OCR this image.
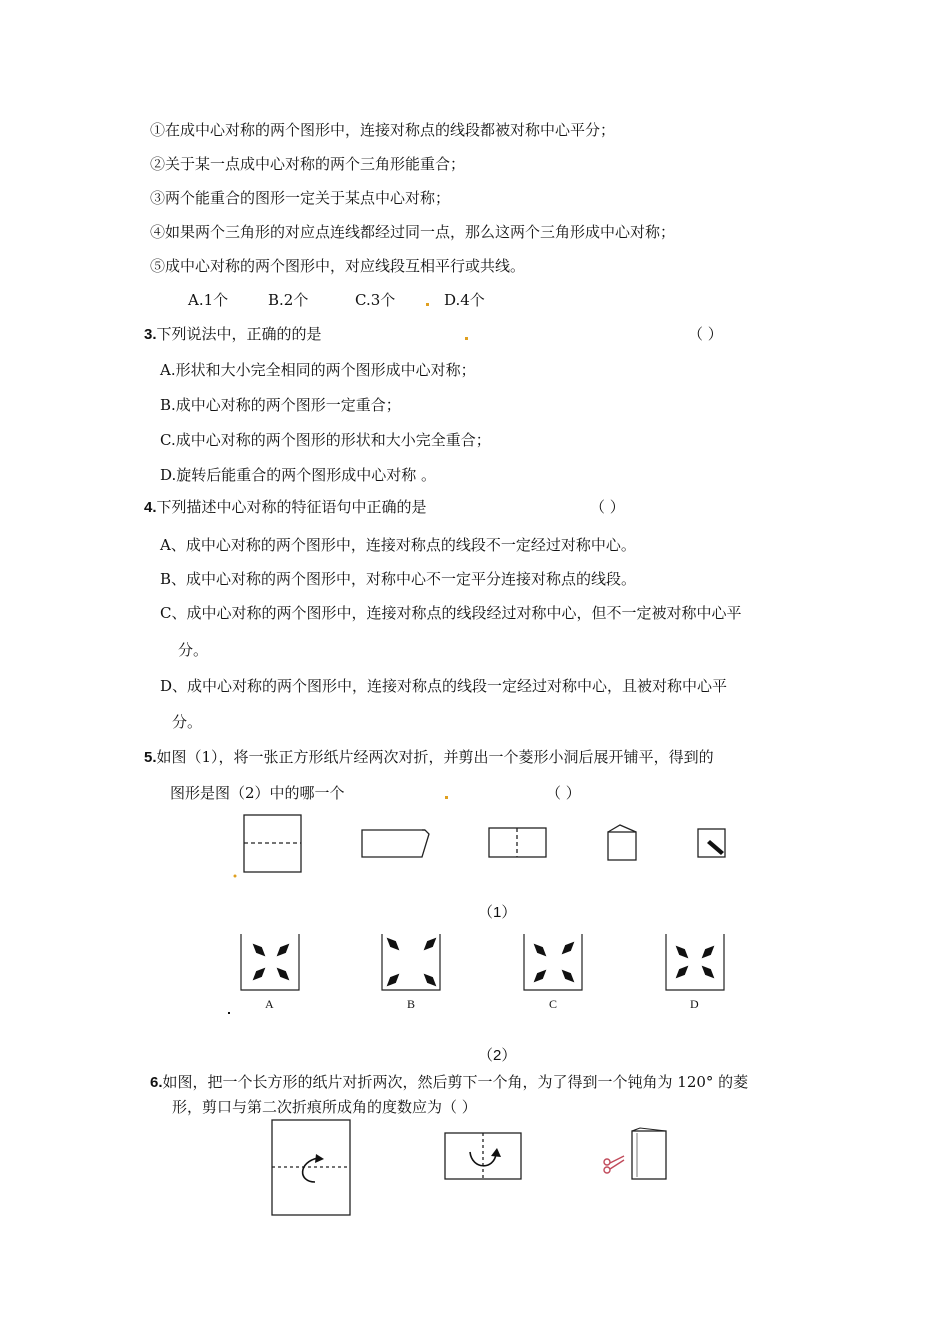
①在成中心对称的两个图形中，连接对称点的线段都被对称中心平分；
②关于某一点成中心对称的两个三角形能重合；
③两个能重合的图形一定关于某点中心对称；
④如果两个三角形的对应点连线都经过同一点，那么这两个三角形成中心对称；
⑤成中心对称的两个图形中，对应线段互相平行或共线。
A.1个	B.2个	C.3个	D.4个
3.下列说法中，正确的的是	（ ）
A.形状和大小完全相同的两个图形成中心对称；
B.成中心对称的两个图形一定重合；
C.成中心对称的两个图形的形状和大小完全重合；
D.旋转后能重合的两个图形成中心对称 。
4.下列描述中心对称的特征语句中正确的是	（ ）
A、成中心对称的两个图形中，连接对称点的线段不一定经过对称中心。
B、成中心对称的两个图形中，对称中心不一定平分连接对称点的线段。
C、成中心对称的两个图形中，连接对称点的线段经过对称中心，但不一定被对称中心平
分。
D、成中心对称的两个图形中，连接对称点的线段一定经过对称中心，且被对称中心平
分。
5.如图（1），将一张正方形纸片经两次对折，并剪出一个菱形小洞后展开铺平，得到的
图形是图（2）中的哪一个	（ ）
（1）
A	B	C	D
（2）
6.如图，把一个长方形的纸片对折两次，然后剪下一个角，为了得到一个钝角为 120° 的菱
形，剪口与第二次折痕所成角的度数应为（ ）
